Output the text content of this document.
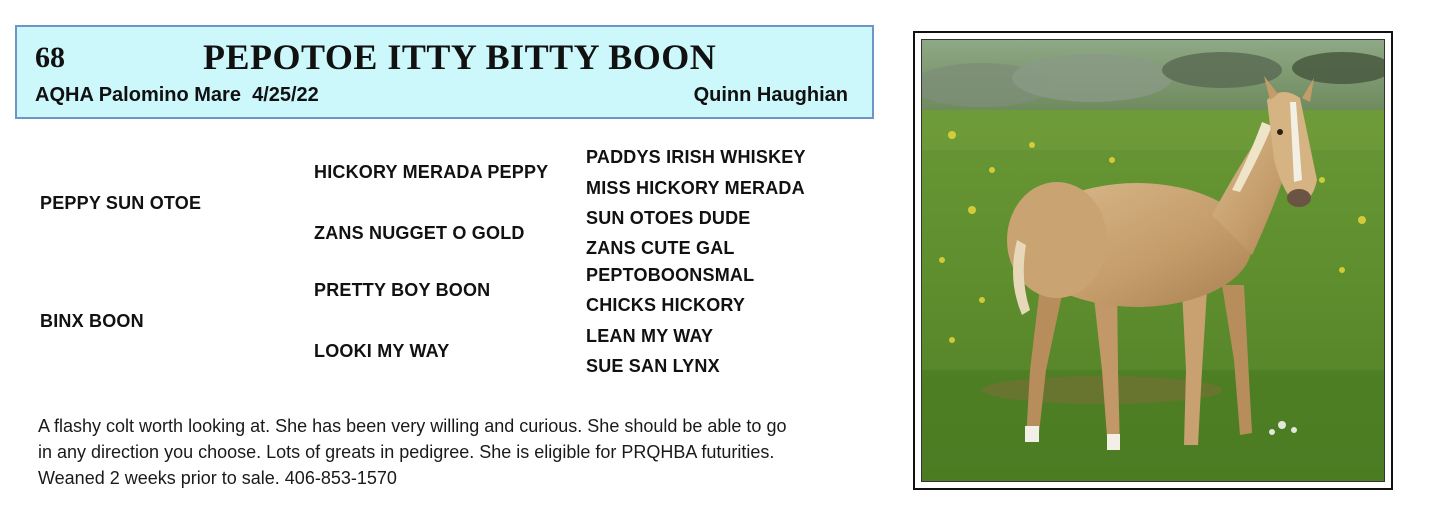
68	PEPOTOE ITTY BITTY BOON
AQHA Palomino Mare  4/25/22	Quinn Haughian
PEPPY SUN OTOE
BINX BOON
HICKORY MERADA PEPPY
ZANS NUGGET O GOLD
PRETTY BOY BOON
LOOKI MY WAY
PADDYS IRISH WHISKEY
MISS HICKORY MERADA
SUN OTOES DUDE
ZANS CUTE GAL
PEPTOBOONSMAL
CHICKS HICKORY
LEAN MY WAY
SUE SAN LYNX
A flashy colt worth looking at. She has been very willing and curious. She should be able to go
in any direction you choose. Lots of greats in pedigree. She is eligible for PRQHBA futurities.
Weaned 2 weeks prior to sale. 406-853-1570
